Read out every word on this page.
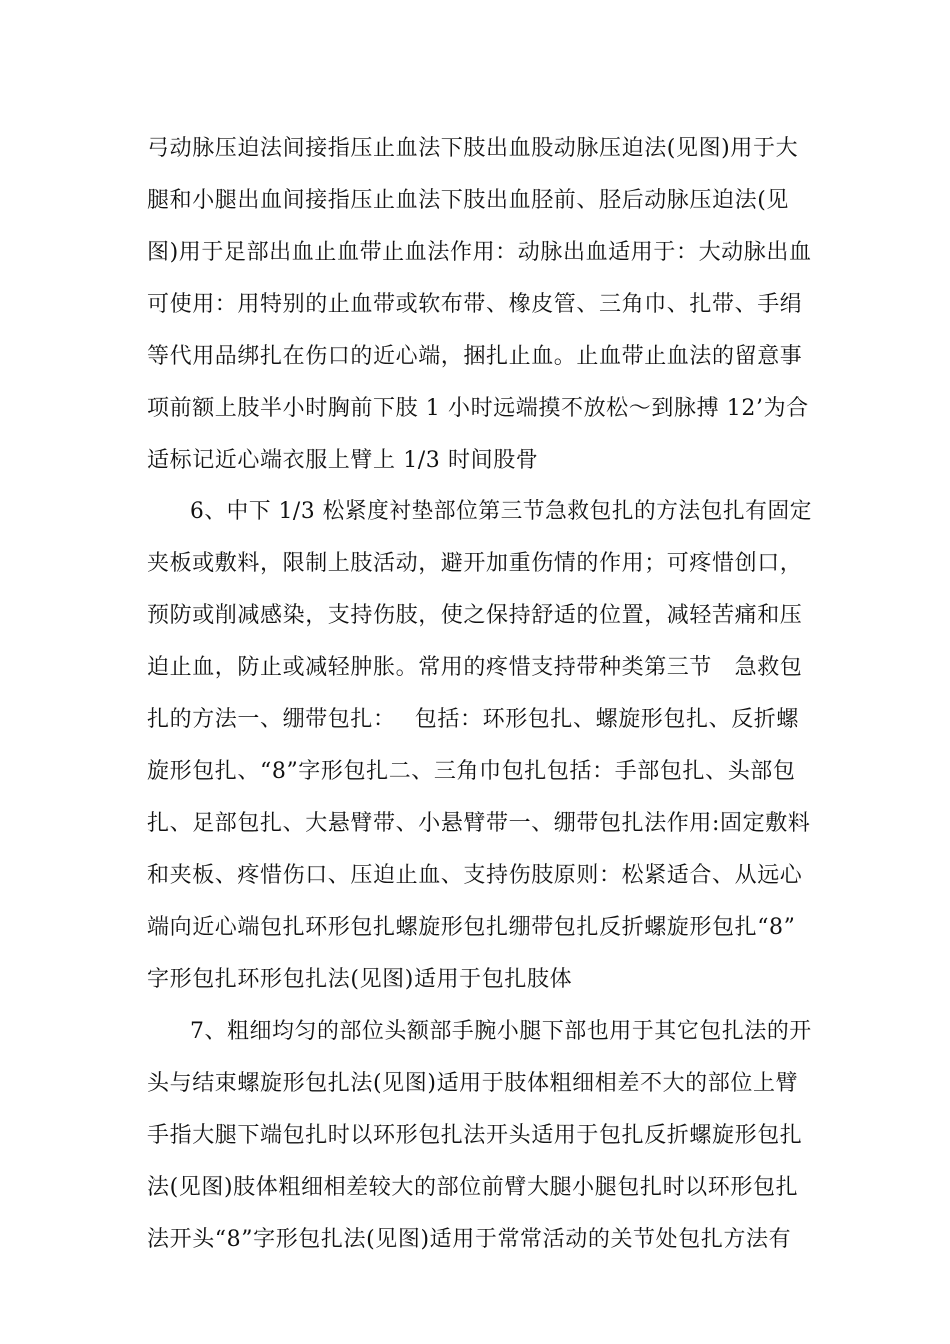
弓动脉压迫法间接指压止血法下肢出血股动脉压迫法(见图)用于大
腿和小腿出血间接指压止血法下肢出血胫前、胫后动脉压迫法(见
图)用于足部出血止血带止血法作用：动脉出血适用于：大动脉出血
可使用：用特别的止血带或软布带、橡皮管、三角巾、扎带、手绢
等代用品绑扎在伤口的近心端，捆扎止血。止血带止血法的留意事
项前额上肢半小时胸前下肢 1 小时远端摸不放松～到脉搏 12’为合
适标记近心端衣服上臂上 1/3 时间股骨
6、中下 1/3 松紧度衬垫部位第三节急救包扎的方法包扎有固定
夹板或敷料，限制上肢活动，避开加重伤情的作用；可疼惜创口，
预防或削减感染，支持伤肢，使之保持舒适的位置，减轻苦痛和压
迫止血，防止或减轻肿胀。常用的疼惜支持带种类第三节　急救包
扎的方法一、绷带包扎：　 包括：环形包扎、螺旋形包扎、反折螺
旋形包扎、“8”字形包扎二、三角巾包扎包括：手部包扎、头部包
扎、足部包扎、大悬臂带、小悬臂带一、绷带包扎法作用:固定敷料
和夹板、疼惜伤口、压迫止血、支持伤肢原则：松紧适合、从远心
端向近心端包扎环形包扎螺旋形包扎绷带包扎反折螺旋形包扎“8”
字形包扎环形包扎法(见图)适用于包扎肢体
7、粗细均匀的部位头额部手腕小腿下部也用于其它包扎法的开
头与结束螺旋形包扎法(见图)适用于肢体粗细相差不大的部位上臂
手指大腿下端包扎时以环形包扎法开头适用于包扎反折螺旋形包扎
法(见图)肢体粗细相差较大的部位前臂大腿小腿包扎时以环形包扎
法开头“8”字形包扎法(见图)适用于常常活动的关节处包扎方法有
